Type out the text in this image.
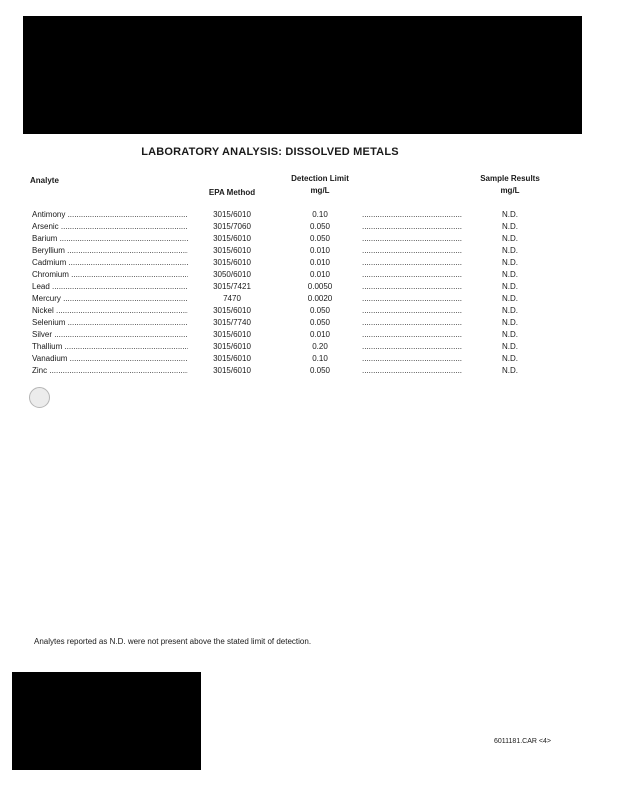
LABORATORY ANALYSIS: DISSOLVED METALS
Analyte
EPA Method
Detection Limit
mg/L
Sample Results
mg/L
Antimony .....	3015/6010	0.10 .....	N.D.
Arsenic .....	3015/7060	0.050 .....	N.D.
Barium .....	3015/6010	0.050 .....	N.D.
Beryllium .....	3015/6010	0.010 .....	N.D.
Cadmium .....	3015/6010	0.010 .....	N.D.
Chromium .....	3050/6010	0.010 .....	N.D.
Lead .....	3015/7421	0.0050 .....	N.D.
Mercury .....	7470	0.0020 .....	N.D.
Nickel .....	3015/6010	0.050 .....	N.D.
Selenium .....	3015/7740	0.050 .....	N.D.
Silver .....	3015/6010	0.010 .....	N.D.
Thallium .....	3015/6010	0.20 .....	N.D.
Vanadium .....	3015/6010	0.10 .....	N.D.
Zinc .....	3015/6010	0.050 .....	N.D.
Analytes reported as N.D. were not present above the stated limit of detection.
6011181.CAR <4>
